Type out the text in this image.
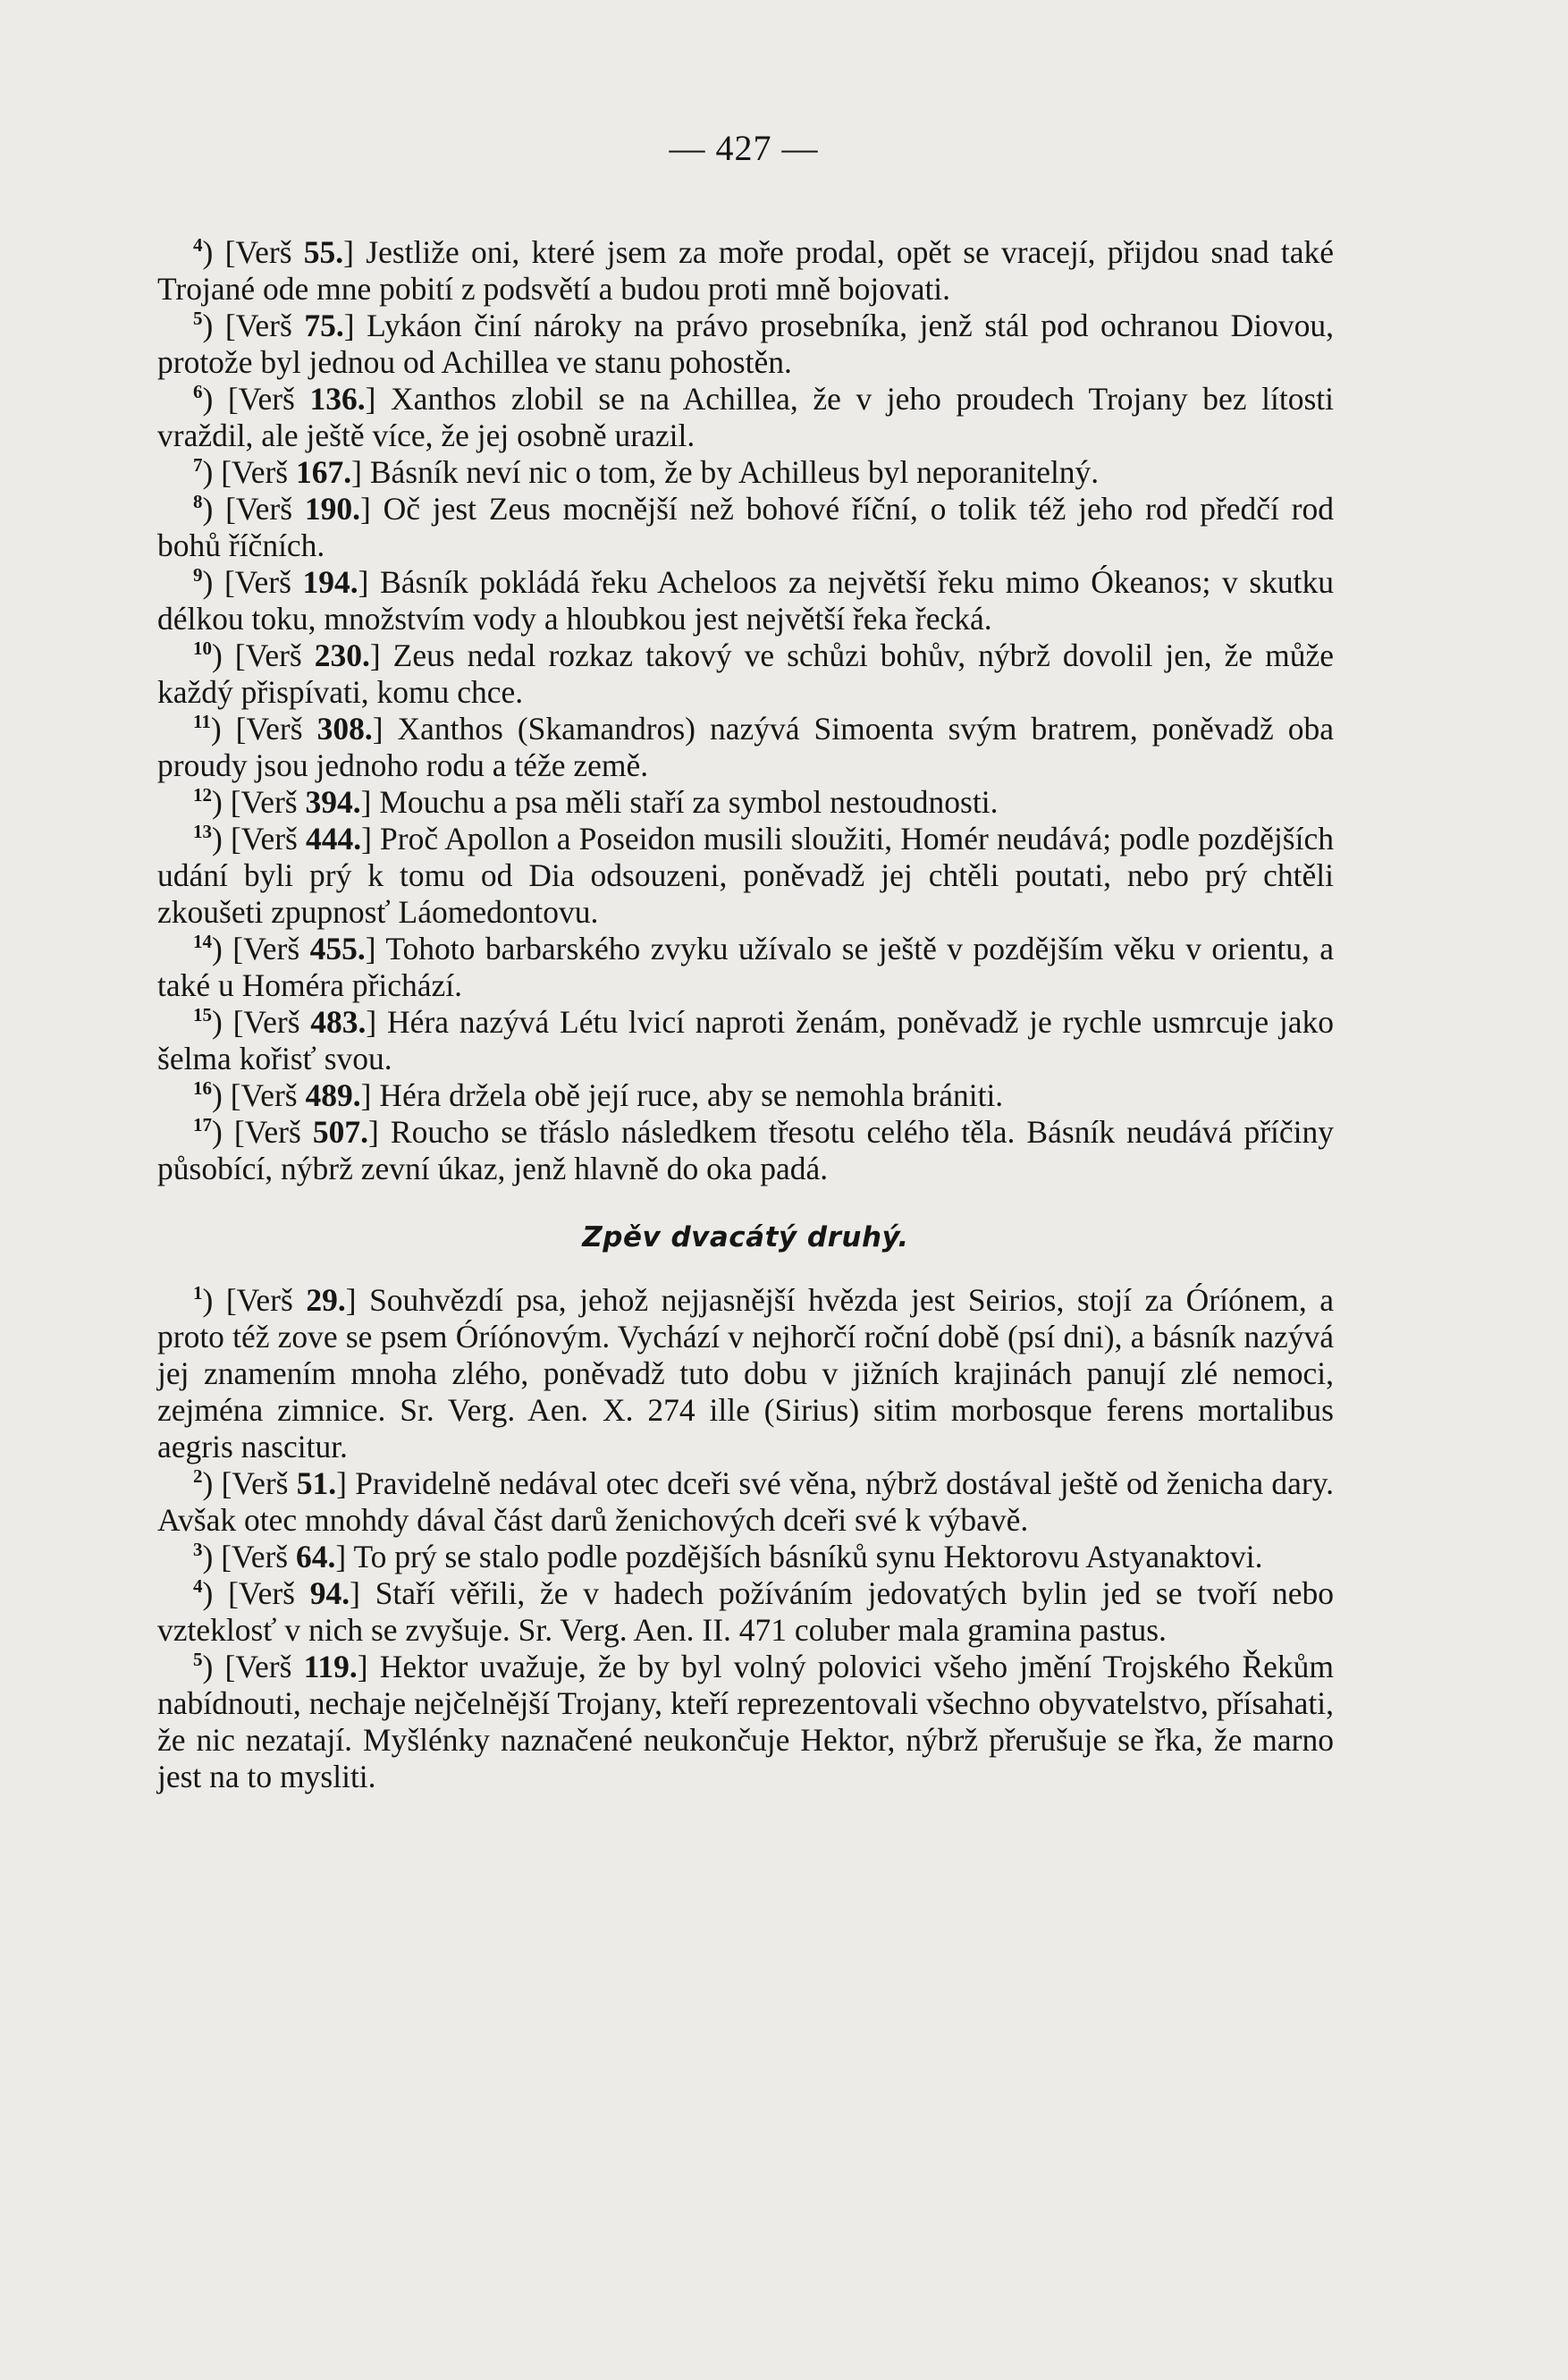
— 427 —

$^4$) [Verš 55.] Jestliže oni, které jsem za moře prodal, opět se vracejí, přijdou snad také Trojané ode mne pobití z podsvětí a budou proti mně bojovati.

$^5$) [Verš 75.] Lykáon činí nároky na právo prosebníka, jenž stál pod ochranou Diovou, protože byl jednou od Achillea ve stanu pohostěn.

$^6$) [Verš 136.] Xanthos zlobil se na Achillea, že v jeho proudech Trojany bez lítosti vraždil, ale ještě více, že jej osobně urazil.

$^7$) [Verš 167.] Básník neví nic o tom, že by Achilleus byl neporanitelný.

$^8$) [Verš 190.] Oč jest Zeus mocnější než bohové říční, o tolik též jeho rod předčí rod bohů říčních.

$^9$) [Verš 194.] Básník pokládá řeku Acheloos za největší řeku mimo Ókeanos; v skutku délkou toku, množstvím vody a hloubkou jest největší řeka řecká.

$^{10}$) [Verš 230.] Zeus nedal rozkaz takový ve schůzi bohův, nýbrž dovolil jen, že může každý přispívati, komu chce.

$^{11}$) [Verš 308.] Xanthos (Skamandros) nazývá Simoenta svým bratrem, poněvadž oba proudy jsou jednoho rodu a téže země.

$^{12}$) [Verš 394.] Mouchu a psa měli staří za symbol nestoudnosti.

$^{13}$) [Verš 444.] Proč Apollon a Poseidon musili sloužiti, Homér neudává; podle pozdějších udání byli prý k tomu od Dia odsouzeni, poněvadž jej chtěli poutati, nebo prý chtěli zkoušeti zpupnosť Láomedontovu.

$^{14}$) [Verš 455.] Tohoto barbarského zvyku užívalo se ještě v pozdějším věku v orientu, a také u Homéra přichází.

$^{15}$) [Verš 483.] Héra nazývá Létu lvicí naproti ženám, poněvadž je rychle usmrcuje jako šelma kořisť svou.

$^{16}$) [Verš 489.] Héra držela obě její ruce, aby se nemohla brániti.

$^{17}$) [Verš 507.] Roucho se třáslo následkem třesotu celého těla. Básník neudává příčiny působící, nýbrž zevní úkaz, jenž hlavně do oka padá.

Zpěv dvacátý druhý.

$^1$) [Verš 29.] Souhvězdí psa, jehož nejjasnější hvězda jest Seirios, stojí za Óríónem, a proto též zove se psem Óríónovým. Vychází v nejhorčí roční době (psí dni), a básník nazývá jej znamením mnoha zlého, poněvadž tuto dobu v jižních krajinách panují zlé nemoci, zejména zimnice. Sr. Verg. Aen. X. 274 ille (Sirius) sitim morbosque ferens mortalibus aegris nascitur.

$^2$) [Verš 51.] Pravidelně nedával otec dceři své věna, nýbrž dostával ještě od ženicha dary. Avšak otec mnohdy dával část darů ženichových dceři své k výbavě.

$^3$) [Verš 64.] To prý se stalo podle pozdějších básníků synu Hektorovu Astyanaktovi.

$^4$) [Verš 94.] Staří věřili, že v hadech požíváním jedovatých bylin jed se tvoří nebo vzteklosť v nich se zvyšuje. Sr. Verg. Aen. II. 471 coluber mala gramina pastus.

$^5$) [Verš 119.] Hektor uvažuje, že by byl volný polovici všeho jmění Trojského Řekům nabídnouti, nechaje nejčelnější Trojany, kteří reprezentovali všechno obyvatelstvo, přísahati, že nic nezatají. Myšlénky naznačené neukončuje Hektor, nýbrž přerušuje se řka, že marno jest na to mysliti.
